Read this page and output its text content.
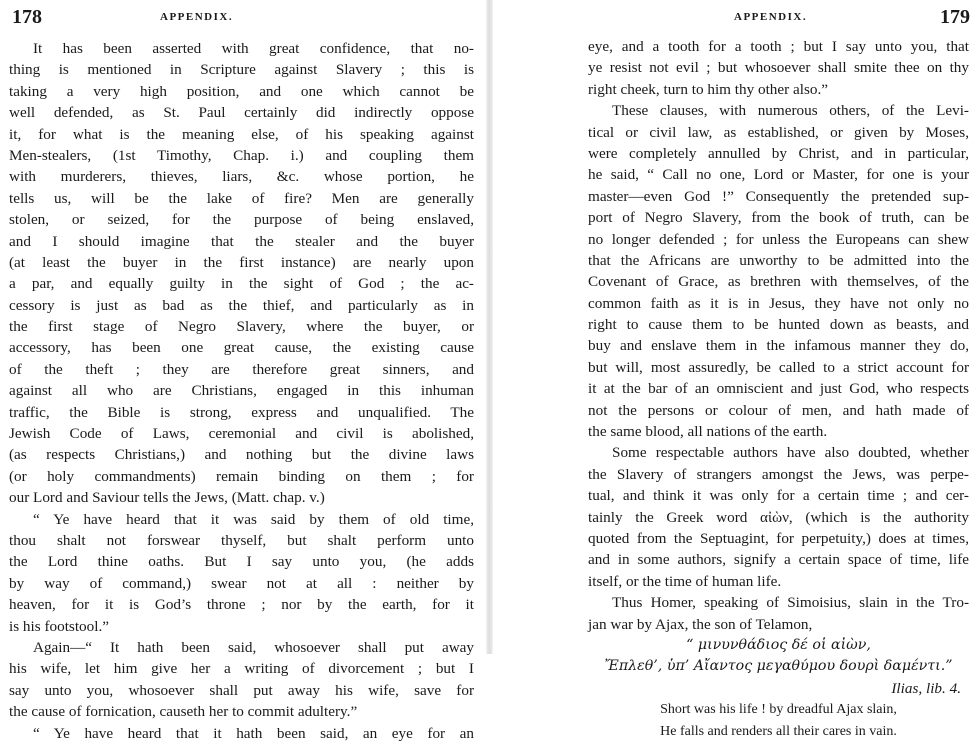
178	APPENDIX.
It has been asserted with great confidence, that no-
thing is mentioned in Scripture against Slavery ; this is
taking a very high position, and one which cannot be
well defended, as St. Paul certainly did indirectly oppose
it, for what is the meaning else, of his speaking against
Men-stealers, (1st Timothy, Chap. i.) and coupling them
with murderers, thieves, liars, &c. whose portion, he
tells us, will be the lake of fire? Men are generally
stolen, or seized, for the purpose of being enslaved,
and I should imagine that the stealer and the buyer
(at least the buyer in the first instance) are nearly upon
a par, and equally guilty in the sight of God ; the ac-
cessory is just as bad as the thief, and particularly as in
the first stage of Negro Slavery, where the buyer, or
accessory, has been one great cause, the existing cause
of the theft ; they are therefore great sinners, and
against all who are Christians, engaged in this inhuman
traffic, the Bible is strong, express and unqualified. The
Jewish Code of Laws, ceremonial and civil is abolished,
(as respects Christians,) and nothing but the divine laws
(or holy commandments) remain binding on them ; for
our Lord and Saviour tells the Jews, (Matt. chap. v.)
“ Ye have heard that it was said by them of old time,
thou shalt not forswear thyself, but shalt perform unto
the Lord thine oaths. But I say unto you, (he adds
by way of command,) swear not at all : neither by
heaven, for it is God’s throne ; nor by the earth, for it
is his footstool.”
Again—“ It hath been said, whosoever shall put away
his wife, let him give her a writing of divorcement ; but I
say unto you, whosoever shall put away his wife, save for
the cause of fornication, causeth her to commit adultery.”
“ Ye have heard that it hath been said, an eye for an
APPENDIX.	179
eye, and a tooth for a tooth ; but I say unto you, that
ye resist not evil ; but whosoever shall smite thee on thy
right cheek, turn to him thy other also.”
These clauses, with numerous others, of the Levi-
tical or civil law, as established, or given by Moses,
were completely annulled by Christ, and in particular,
he said, “ Call no one, Lord or Master, for one is your
master—even God !” Consequently the pretended sup-
port of Negro Slavery, from the book of truth, can be
no longer defended ; for unless the Europeans can shew
that the Africans are unworthy to be admitted into the
Covenant of Grace, as brethren with themselves, of the
common faith as it is in Jesus, they have not only no
right to cause them to be hunted down as beasts, and
buy and enslave them in the infamous manner they do,
but will, most assuredly, be called to a strict account for
it at the bar of an omniscient and just God, who respects
not the persons or colour of men, and hath made of
the same blood, all nations of the earth.
Some respectable authors have also doubted, whether
the Slavery of strangers amongst the Jews, was perpe-
tual, and think it was only for a certain time ; and cer-
tainly the Greek word αἰὼν, (which is the authority
quoted from the Septuagint, for perpetuity,) does at times,
and in some authors, signify a certain space of time, life
itself, or the time of human life.
Thus Homer, speaking of Simoisius, slain in the Tro-
jan war by Ajax, the son of Telamon,
“ μινυνθάδιος δέ οἱ αἰὼν,
Ἔπλεθ’, ὑπ’ Αἴαντος μεγαθύμου δουρὶ δαμέντι.”
Ilias, lib. 4.
Short was his life ! by dreadful Ajax slain,
He falls and renders all their cares in vain.
